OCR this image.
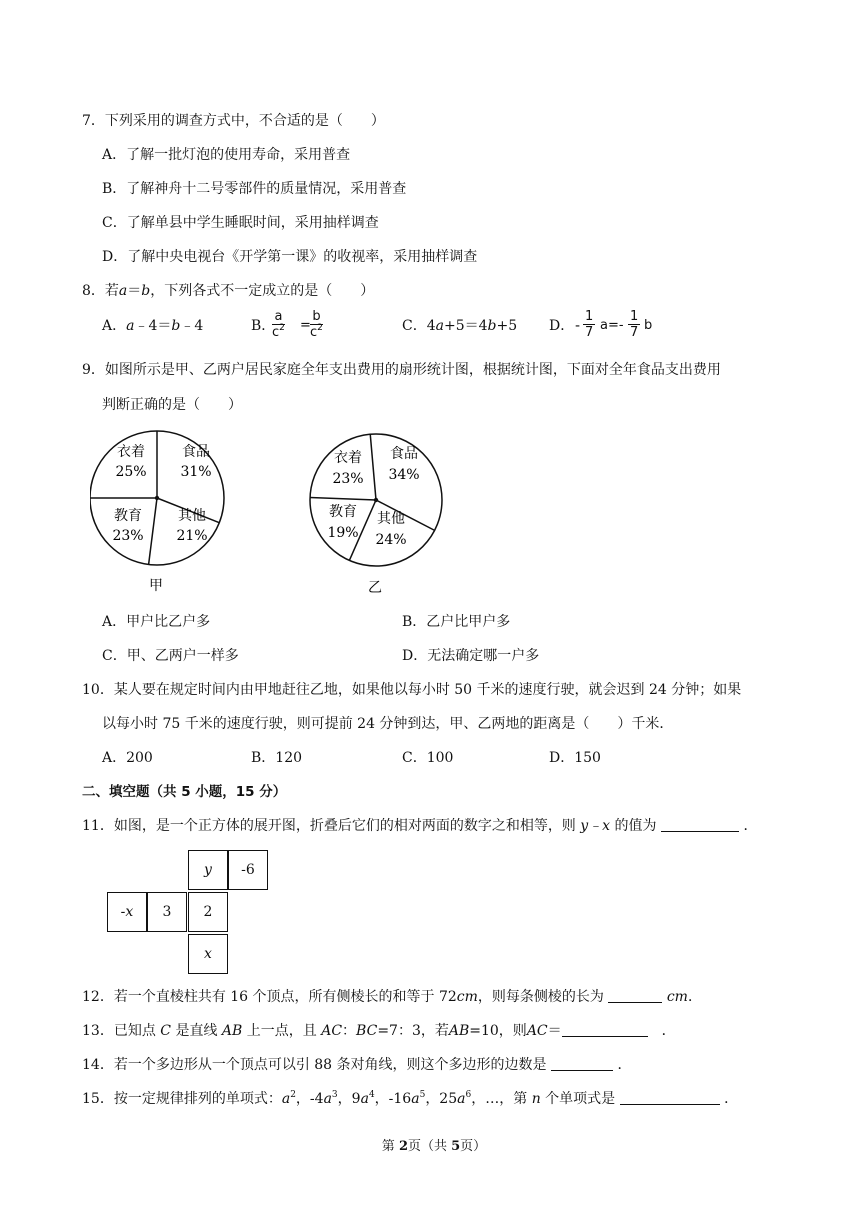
7．下列采用的调查方式中，不合适的是（　　）
A．了解一批灯泡的使用寿命，采用普查
B．了解神舟十二号零部件的质量情况，采用普查
C．了解单县中学生睡眠时间，采用抽样调查
D．了解中央电视台《开学第一课》的收视率，采用抽样调查
8．若a＝b，下列各式不一定成立的是（　　）
A．a﹣4＝b﹣4	B．
$\frac{a}{c^2} = \frac{b}{c^2}$	C．4a+5＝4b+5 D． - $\frac{1}{7} a=- \frac{1}{7}$ b
9．如图所示是甲、乙两户居民家庭全年支出费用的扇形统计图，根据统计图，下面对全年食品支出费用
判断正确的是（　　）
衣着
25%
食品
31%
其他
21%
教育
23%
衣着
23%
食品
34%
其他
24%
教育
19%
甲	乙
A．甲户比乙户多	B．乙户比甲户多
C．甲、乙两户一样多	D．无法确定哪一户多
10．某人要在规定时间内由甲地赶往乙地，如果他以每小时 50 千米的速度行驶，就会迟到 24 分钟；如果
以每小时 75 千米的速度行驶，则可提前 24 分钟到达，甲、乙两地的距离是（　　）千米．
A．200	B．120	C．100	D．150
二、填空题（共 5 小题，15 分）
11．如图，是一个正方体的展开图，折叠后它们的相对两面的数字之和相等，则 y﹣x 的值为	．
y	-6
-x	3	2
x
12．若一个直棱柱共有 16 个顶点，所有侧棱长的和等于 72cm，则每条侧棱的长为	cm．
13．已知点 C 是直线 AB 上一点，且 AC：BC=7：3，若AB=10，则AC＝　	．
14．若一个多边形从一个顶点可以引 88 条对角线，则这个多边形的边数是	．
15．按一定规律排列的单项式：$a^2$，$-4a^3$，$9a^4$，$-16a^5$，$25a^6$，…，第 n 个单项式是	．
第 2页（共 5页）
